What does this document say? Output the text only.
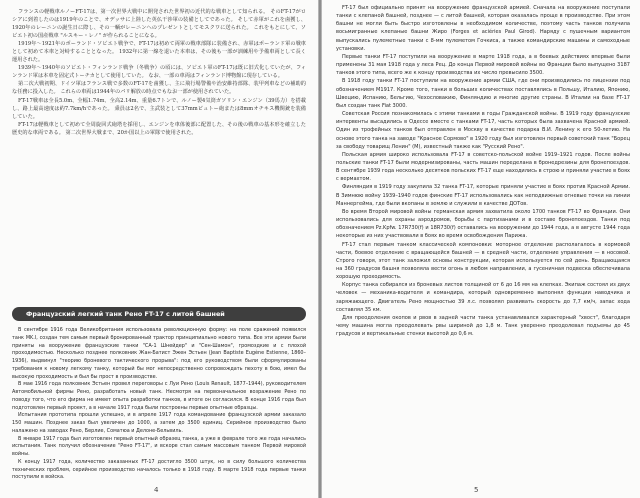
フランスの軽戦車ルノーFT-17は、第一次世界大戦中に開発された世界初の近代的な戦車として知られる。 そのFT-17がロシアに到着したのは1919年のことで、オデッサに上陸した英仏干渉軍の装備としてであった。 そして赤軍がこれを鹵獲し、1920年のレーニンの誕生日に際し、その一輌がレーニンへのプレゼントとしてモスクワに送られた。 これをもとにして、ソビエト初の国産戦車 "ルスキー・レノ" が作られることになる。

1919年〜1921年のポーランド・ソビエト戦争で、FT-17は初めて両軍の戦車部隊に装備され、赤軍はポーランド軍の戦車として初めて本車と対峙することとなった。 1932年に第一線を退いた本車は、その後も一部が訓練用や予備車両として長く運用された。

1939年〜1940年のソビエト・フィンランド戦争（冬戦争）の頃には、ソビエト軍のFT-17は既に旧式化していたが、フィンランド軍は本車を固定式トーチカとして使用していた。 なお、一部の車両はフィンランド博物館に現存している。

第二次大戦初期、ドイツ軍はフランス戦で多数のFT-17を鹵獲し、主に飛行場警備や治安維持部隊、装甲列車などの補助的な任務に投入した。 これらの車両は1944年のパリ解放の時点でもなお一部が使用されていた。

FT-17戦車は全長5.0m、全幅1.74m、全高2.14m、重量6.7トンで、ルノー製4気筒ガソリン・エンジン（39馬力）を搭載し、路上最高速度は約7.7km/hであった。 乗員は2名で、主武装として37mmピュトー砲または8mmオチキス機関銃を装備していた。

FT-17は軽戦車として初めて全周旋回式砲塔を採用し、エンジンを車体後部に配置した、その後の戦車の基本形を確立した歴史的な車両である。 第二次世界大戦まで、20か国以上の軍隊で使用された。

Французский легкий танк Рено FT-17 с литой башней

В сентябре 1916 года Великобритания использовала революционную форму: на поле сражений появился танк MK.I, создан тем самым первый бронированный трактор принципиально нового типа. Все эти армии были приняты на вооружение французские танки "СА-1 Шнейдер" и "Сен-Шамон", громоздкие и с плохой проходимостью. Несколько позднее полковник Жан-Батист Эжен Эстьен (Jean Baptiste Eugène Estienne, 1860–1936), выдвинул "теорию броневого тактического прорыва": под его руководством были сформулированы требования к новому легкому танку, который бы мог непосредственно сопровождать пехоту в бою, имел бы высокую проходимость и был бы прост в производстве.

В мае 1916 года полковник Эстьен провел переговоры с Луи Рено (Louis Renault, 1877–1944), руководителем Автомобильной фирмы Рено, разработать новый танк. Несмотря на первоначальное возражение Рено по поводу того, что его фирма не имеет опыта разработки танков, в итоге он согласился. В конце 1916 года был подготовлен первый проект, а в начале 1917 года были построены первые опытные образцы.

Испытания прототипа прошли успешно, и в апреле 1917 года командование французской армии заказало 150 машин. Позднее заказ был увеличен до 1000, а затем до 3500 единиц. Серийное производство было налажено на заводах Рено, Берлие, Соматюа и Делоне-Бельвиль.

В январе 1917 года был изготовлен первый опытный образец танка, а уже в феврале того же года начались испытания. Танк получил обозначение "Рено FT-17", и вскоре стал самым массовым танком Первой мировой войны.

К концу 1917 года, количество заказанных FT-17 достигло 3500 штук, но в силу большого количества технических проблем, серийное производство началось только в 1918 году. В марте 1918 года первые танки поступили в войска.

4

FT-17 был официально принят на вооружение французской армией. Сначала на вооружение поступали танки с клепаной башней, позднее — с литой башней, которая оказалась проще в производстве. При этом башни не могли быть быстро изготовлены в необходимом количестве, поэтому часть танков получила восьмигранные клепаные башни Жиро (Forges et aciéries Paul Girod). Наряду с пушечным вариантом выпускались пулеметные танки с 8-мм пулеметом Гочкиса, а также командирские машины и самоходные установки.

Первые танки FT-17 поступили на вооружение в марте 1918 года, а в боевых действиях впервые были применены 31 мая 1918 года у леса Рец. До конца Первой мировой войны во Франции было выпущено 3187 танков этого типа, всего же к концу производства их число превысило 3500.

В 1918 году танки FT-17 поступили на вооружение армии США, где они производились по лицензии под обозначением M1917. Кроме того, танки в больших количествах поставлялись в Польшу, Италию, Японию, Швецию, Испанию, Бельгию, Чехословакию, Финляндию и многие другие страны. В Италии на базе FT-17 был создан танк Fiat 3000.

Советская Россия познакомилась с этими танками в годы Гражданской войны. В 1919 году французские интервенты высадились в Одессе вместе с танками FT-17, часть которых была захвачена Красной армией. Один из трофейных танков был отправлен в Москву в качестве подарка В.И. Ленину к его 50-летию. На основе этого танка на заводе "Красное Сормово" в 1920 году был изготовлен первый советский танк "Борец за свободу товарищ Ленин" (М), известный также как "Русский Рено".

Польская армия широко использовала FT-17 в советско-польской войне 1919–1921 годов. После войны польские танки FT-17 были модернизированы, часть машин переделана в бронедрезины для бронепоездов. В сентябре 1939 года несколько десятков польских FT-17 еще находились в строю и приняли участие в боях с вермахтом.

Финляндия в 1919 году закупила 32 танка FT-17, которые приняли участие в боях против Красной Армии. В Зимнюю войну 1939–1940 годов финские FT-17 использовались как неподвижные огневые точки на линии Маннергейма, где были вкопаны в землю и служили в качестве ДОТов.

Во время Второй мировой войны германская армия захватила около 1700 танков FT-17 во Франции. Они использовались для охраны аэродромов, борьбы с партизанами и в составе бронепоездов. Танки под обозначением Pz.Kpfw. 17R730(f) и 18R730(f) оставались на вооружении до 1944 года, а в августе 1944 года некоторые из них участвовали в боях во время освобождения Парижа.

FT-17 стал первым танком классической компоновки: моторное отделение располагалось в кормовой части, боевое отделение с вращающейся башней — в средней части, отделение управления — в носовой. Строго говоря, этот танк заложил основы конструкции, которая используется по сей день. Вращающаяся на 360 градусов башня позволяла вести огонь в любом направлении, а гусеничная подвеска обеспечивала хорошую проходимость.

Корпус танка собирался из броневых листов толщиной от 6 до 16 мм на клепках. Экипаж состоял из двух человек — механика-водителя и командира, который одновременно выполнял функции наводчика и заряжающего. Двигатель Рено мощностью 39 л.с. позволял развивать скорость до 7,7 км/ч, запас хода составлял 35 км.

Для преодоления окопов и рвов в задней части танка устанавливался характерный "хвост", благодаря чему машина могла преодолевать рвы шириной до 1,8 м. Танк уверенно преодолевал подъемы до 45 градусов и вертикальные стенки высотой до 0,6 м.

5
